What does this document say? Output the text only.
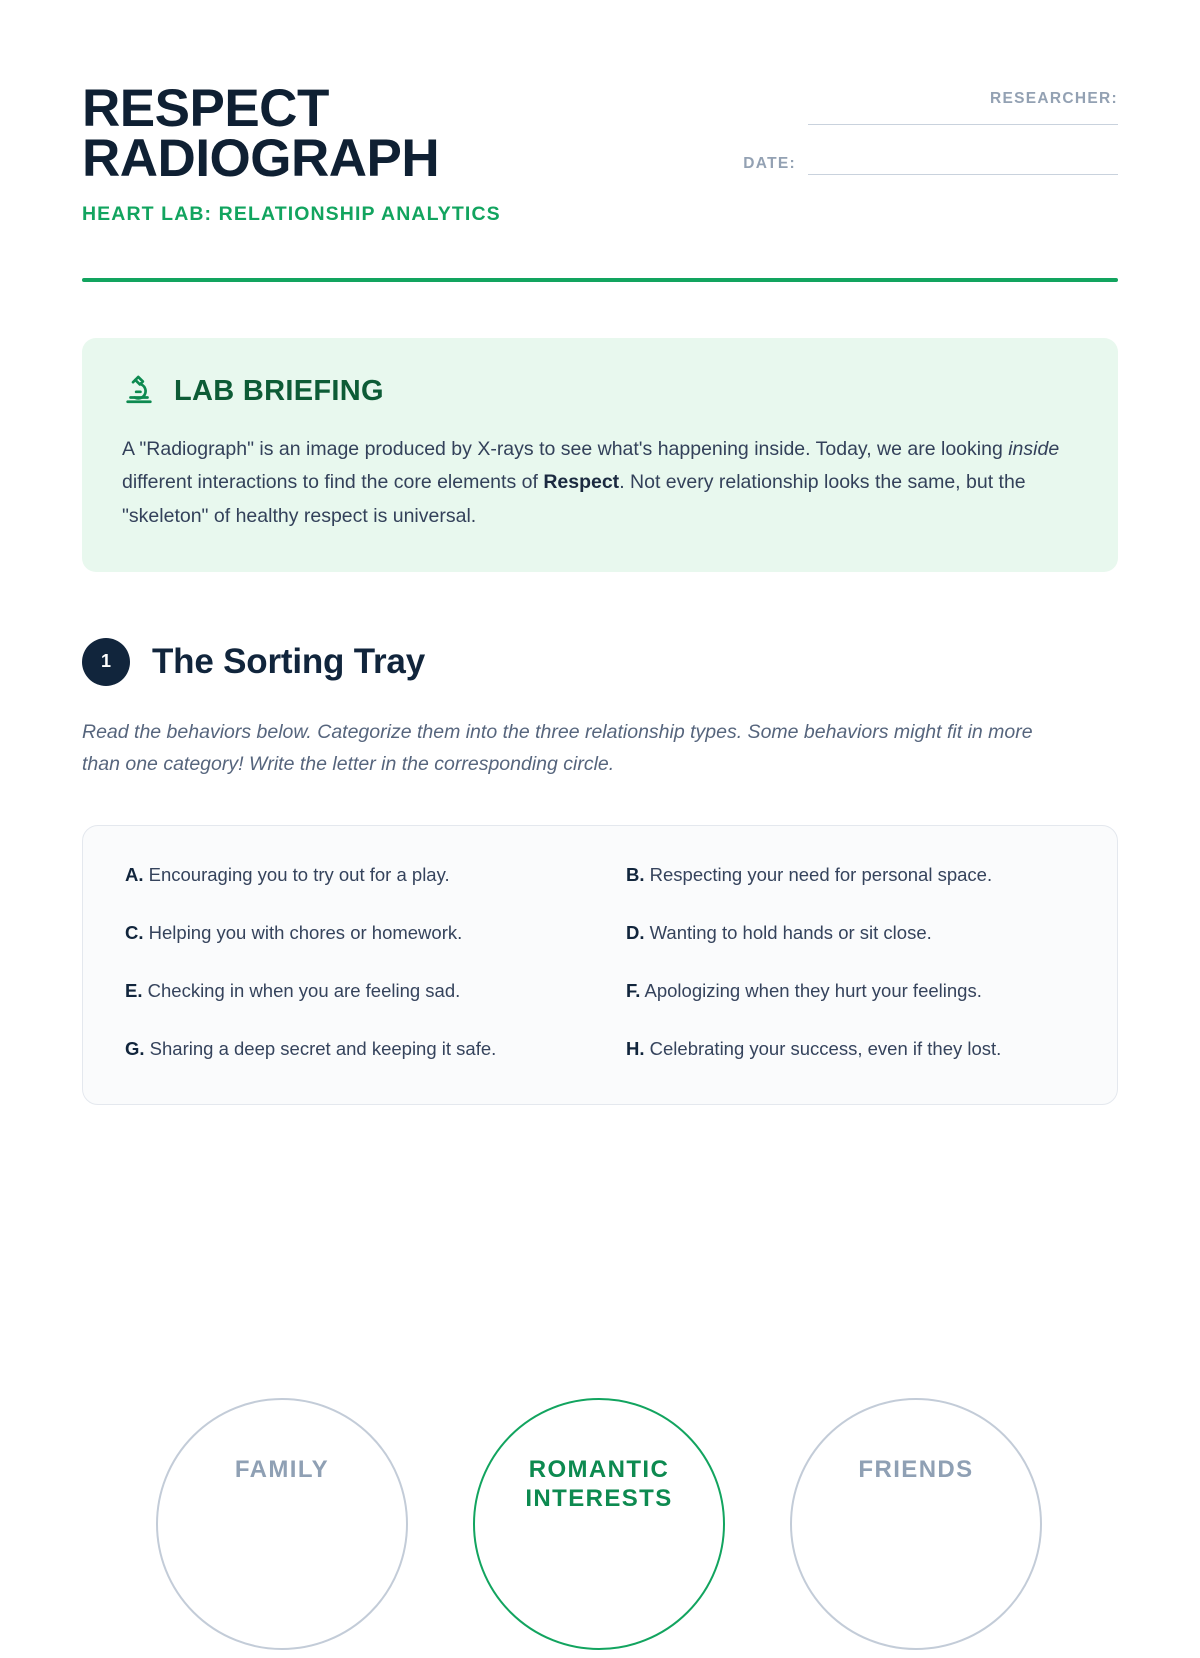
RESPECT
RADIOGRAPH
HEART LAB: RELATIONSHIP ANALYTICS
RESEARCHER:
DATE:
LAB BRIEFING
A "Radiograph" is an image produced by X-rays to see what's happening inside. Today, we are looking inside different interactions to find the core elements of Respect. Not every relationship looks the same, but the "skeleton" of healthy respect is universal.
1	The Sorting Tray
Read the behaviors below. Categorize them into the three relationship types. Some behaviors might fit in more than one category! Write the letter in the corresponding circle.
A. Encouraging you to try out for a play.	B. Respecting your need for personal space.
C. Helping you with chores or homework.	D. Wanting to hold hands or sit close.
E. Checking in when you are feeling sad.	F. Apologizing when they hurt your feelings.
G. Sharing a deep secret and keeping it safe.	H. Celebrating your success, even if they lost.
FAMILY	FRIENDS
ROMANTIC
INTERESTS
